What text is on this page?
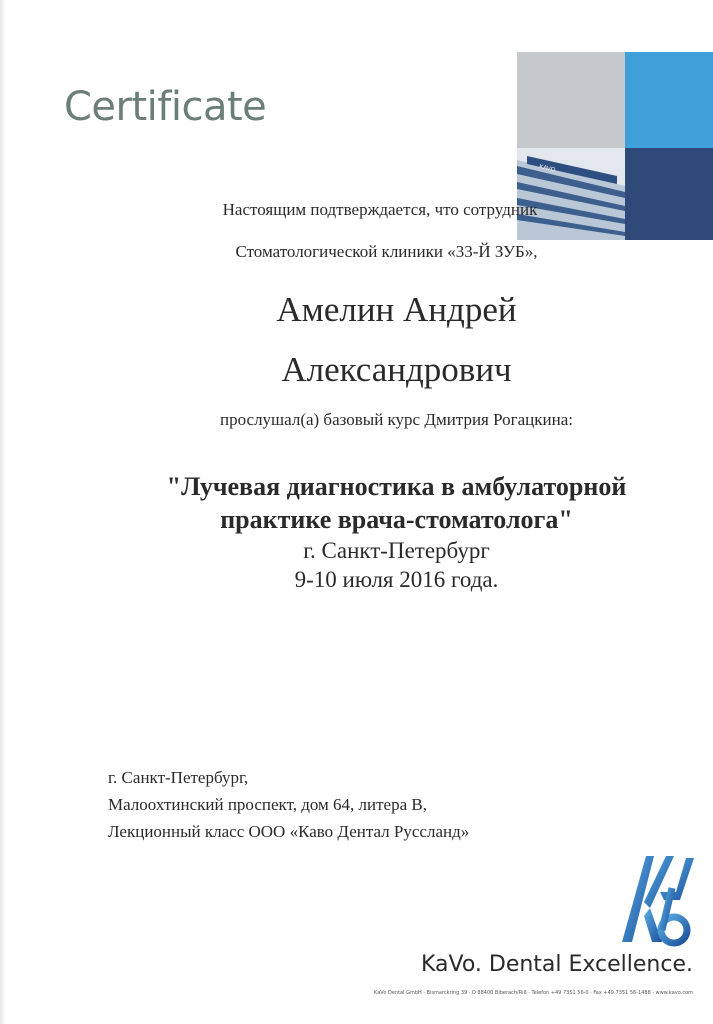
Certificate
KAVO
Настоящим подтверждается, что сотрудник
Стоматологической клиники «33-Й ЗУБ»,
Амелин Андрей
Александрович
прослушал(а) базовый курс Дмитрия Рогацкина:
"Лучевая диагностика в амбулаторной
практике врача-стоматолога"
г. Санкт-Петербург
9-10 июля 2016 года.
г. Санкт-Петербург,
Малоохтинский проспект, дом 64, литера В,
Лекционный класс ООО «Каво Дентал Руссланд»
KaVo. Dental Excellence.
KaVo Dental GmbH · Bismarckring 39 · D 88400 Biberach/Riß · Telefon +49 7351 56-0 · Fax +49 7351 56-1488 · www.kavo.com
